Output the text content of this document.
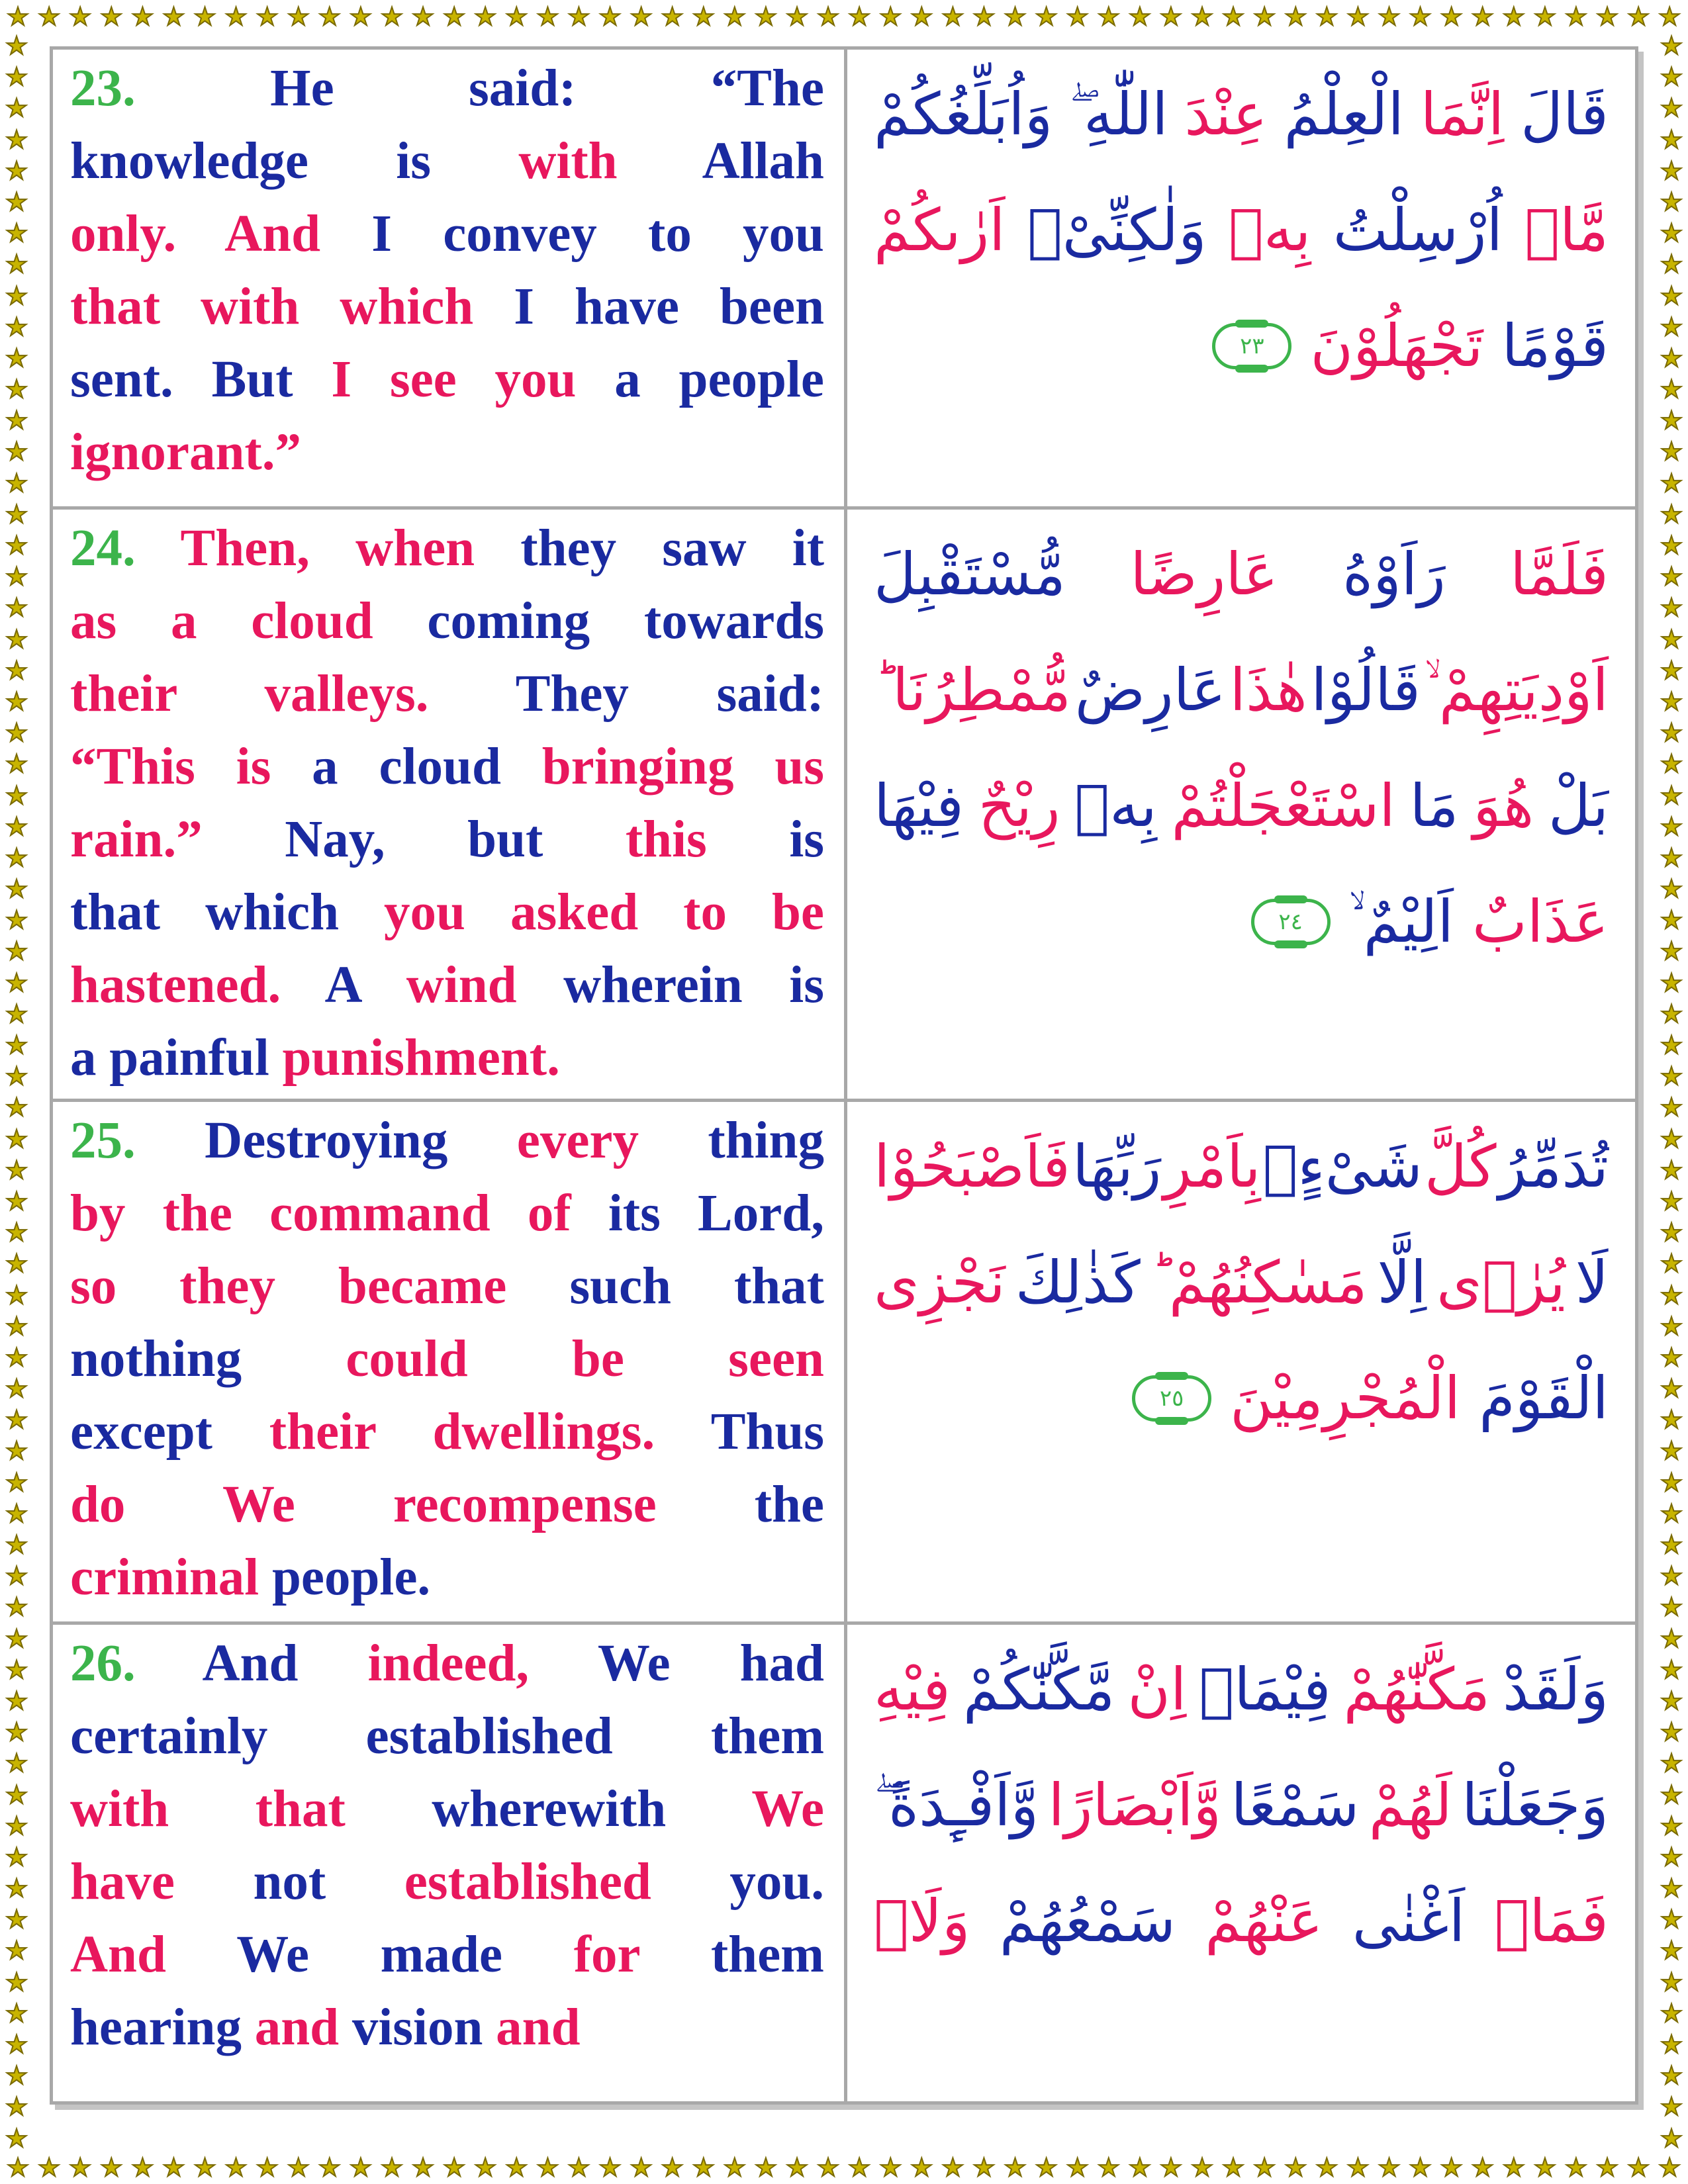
★ ★ ★ ★ ★ ★ ★ ★ ★ ★ ★ ★ ★ ★ ★ ★ ★ ★ ★ ★ ★ ★ ★ ★ ★ ★ ★ ★ ★ ★ ★ ★ ★ ★ ★ ★ ★ ★ ★ ★ ★ ★ ★ ★ ★ ★ ★ ★ ★ ★ ★ ★ ★ ★
★ ★ ★ ★ ★ ★ ★ ★ ★ ★ ★ ★ ★ ★ ★ ★ ★ ★ ★ ★ ★ ★ ★ ★ ★ ★ ★ ★ ★ ★ ★ ★ ★ ★ ★ ★ ★ ★ ★ ★ ★ ★ ★ ★ ★ ★ ★ ★ ★ ★ ★ ★ ★ ★
★
★
★
★
★
★
★
★
★
★
★
★
★
★
★
★
★
★
★
★
★
★
★
★
★
★
★
★
★
★
★
★
★
★
★
★
★
★
★
★
★
★
★
★
★
★
★
★
★
★
★
★
★
★
★
★
★
★
★
★
★
★
★
★
★
★
★
★
★
★
★
★
★
★
★
★
★
★
★
★
★
★
★
★
★
★
★
★
★
★
★
★
★
★
★
★
★
★
★
★
★
★
★
★
★
★
★
★
★
★
★
★
★
★
★
★
★
★
★
★
★
★
★
★
★
★
★
★
★
★
★
★
★
★
★
★

23.	He said: “The

knowledge is with Allah

only. And I convey to you

that with which I have been

sent. But I see you a people

ignorant.”

قَالَ
اِنَّمَا
الْعِلْمُ
عِنْدَ
اللّٰهِ ۖ
وَاُبَلِّغُكُمْ
مَّاۤ
اُرْسِلْتُ
بِهٖ
وَلٰكِنِّیْۤ
اَرٰىكُمْ
قَوْمًا
تَجْهَلُوْنَ
٢٣

24. Then, when they saw it

as a cloud coming towards

their valleys. They said:

“This is a cloud bringing us

rain.” Nay, but this is

that which you asked to be

hastened. A wind wherein is

a painful punishment.

فَلَمَّا
رَاَوْهُ
عَارِضًا
مُّسْتَقْبِلَ
اَوْدِیَتِهِمْ ۙ
قَالُوْا
هٰذَا
عَارِضٌ
مُّمْطِرُنَا ؕ
بَلْ
هُوَ
مَا
اسْتَعْجَلْتُمْ
بِهٖ
رِیْحٌ
فِیْهَا
عَذَابٌ
اَلِیْمٌ ۙ
٢٤

25. Destroying every thing

by the command of its Lord,

so they became such that

nothing could be seen

except their dwellings. Thus

do We recompense the

criminal people.

تُدَمِّرُ
كُلَّ
شَیْءٍۭ
بِاَمْرِ
رَبِّهَا
فَاَصْبَحُوْا
لَا
یُرٰۤى
اِلَّا
مَسٰكِنُهُمْ ؕ
كَذٰلِكَ
نَجْزِی
الْقَوْمَ
الْمُجْرِمِیْنَ
٢٥

26. And indeed, We had

certainly established them

with that wherewith We

have not established you.

And We made for them

hearing and vision and

وَلَقَدْ
مَكَّنّٰهُمْ
فِیْمَاۤ
اِنْ
مَّكَّنّٰكُمْ
فِیْهِ
وَجَعَلْنَا
لَهُمْ
سَمْعًا
وَّاَبْصَارًا
وَّاَفْـِٕدَةً ۖ
فَمَاۤ
اَغْنٰى
عَنْهُمْ
سَمْعُهُمْ
وَلَاۤ
